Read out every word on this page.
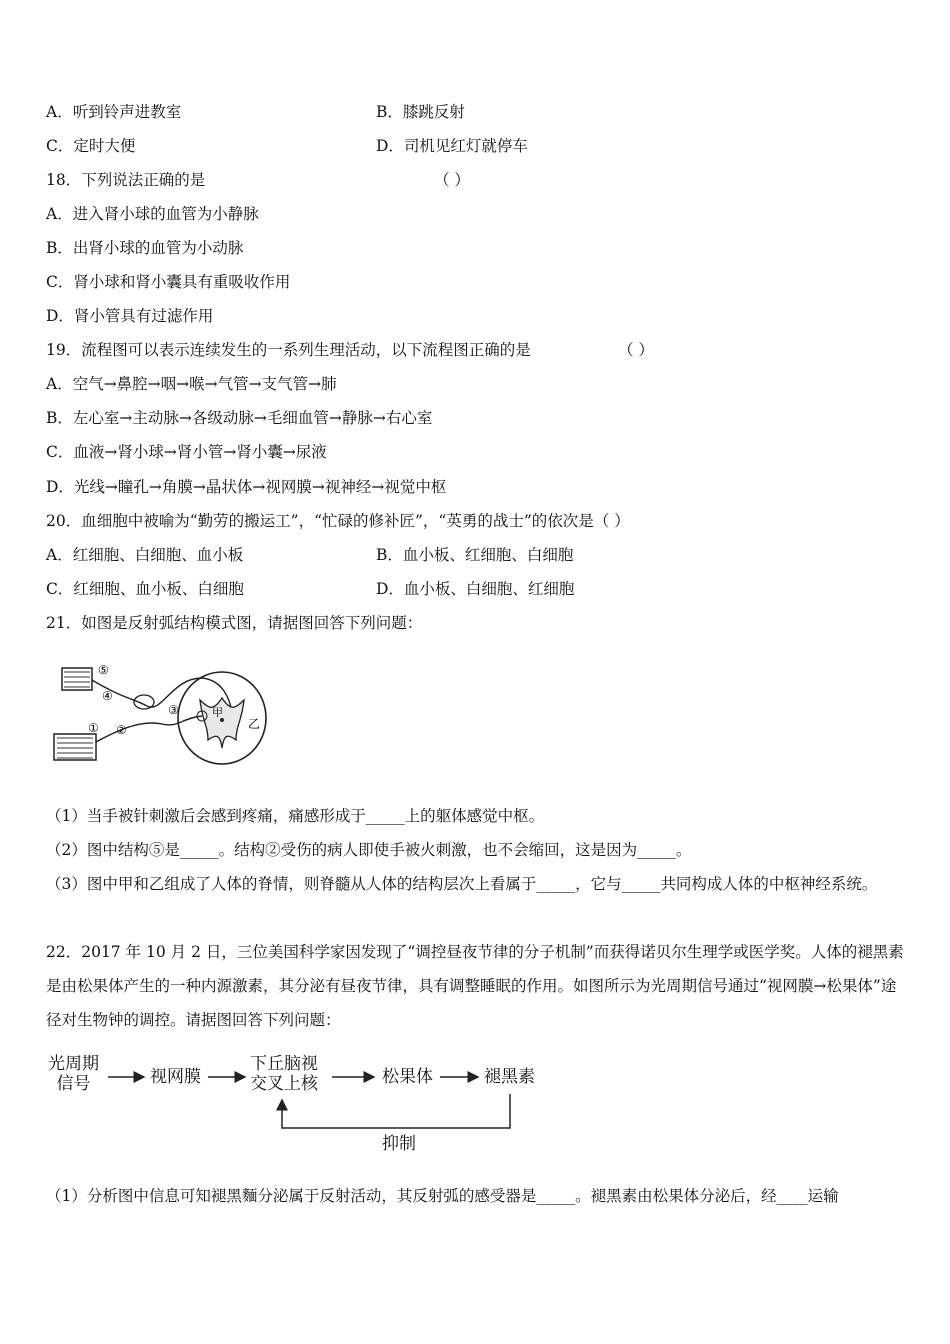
A．听到铃声进教室	B．膝跳反射
C．定时大便	D．司机见红灯就停车
18．下列说法正确的是	（ ）
A．进入肾小球的血管为小静脉
B．出肾小球的血管为小动脉
C．肾小球和肾小囊具有重吸收作用
D．肾小管具有过滤作用
19．流程图可以表示连续发生的一系列生理活动，以下流程图正确的是	（ ）
A．空气→鼻腔→咽→喉→气管→支气管→肺
B．左心室→主动脉→各级动脉→毛细血管→静脉→右心室
C．血液→肾小球→肾小管→肾小囊→尿液
D．光线→瞳孔→角膜→晶状体→视网膜→视神经→视觉中枢
20．血细胞中被喻为“勤劳的搬运工”，“忙碌的修补匠”，“英勇的战士”的依次是（ ）
A．红细胞、白细胞、血小板	B．血小板、红细胞、白细胞
C．红细胞、血小板、白细胞	D．血小板、白细胞、红细胞
21．如图是反射弧结构模式图，请据图回答下列问题：
⑤
④
③
②
①
甲
乙
（1）当手被针刺激后会感到疼痛，痛感形成于_____上的躯体感觉中枢。
（2）图中结构⑤是_____。结构②受伤的病人即使手被火刺激，也不会缩回，这是因为_____。
（3）图中甲和乙组成了人体的脊情，则脊髓从人体的结构层次上看属于_____，它与_____共同构成人体的中枢神经系统。
22．2017 年 10 月 2 日，三位美国科学家因发现了“调控昼夜节律的分子机制”而获得诺贝尔生理学或医学奖。人体的褪黑素是由松果体产生的一种内源激素，其分泌有昼夜节律，具有调整睡眠的作用。如图所示为光周期信号通过“视网膜→松果体”途径对生物钟的调控。请据图回答下列问题：
光周期
信号	视网膜
下丘脑视
交叉上核	松果体	褪黑素
抑制
（1）分析图中信息可知褪黑麵分泌属于反射活动，其反射弧的感受器是_____。褪黑素由松果体分泌后，经____运输
